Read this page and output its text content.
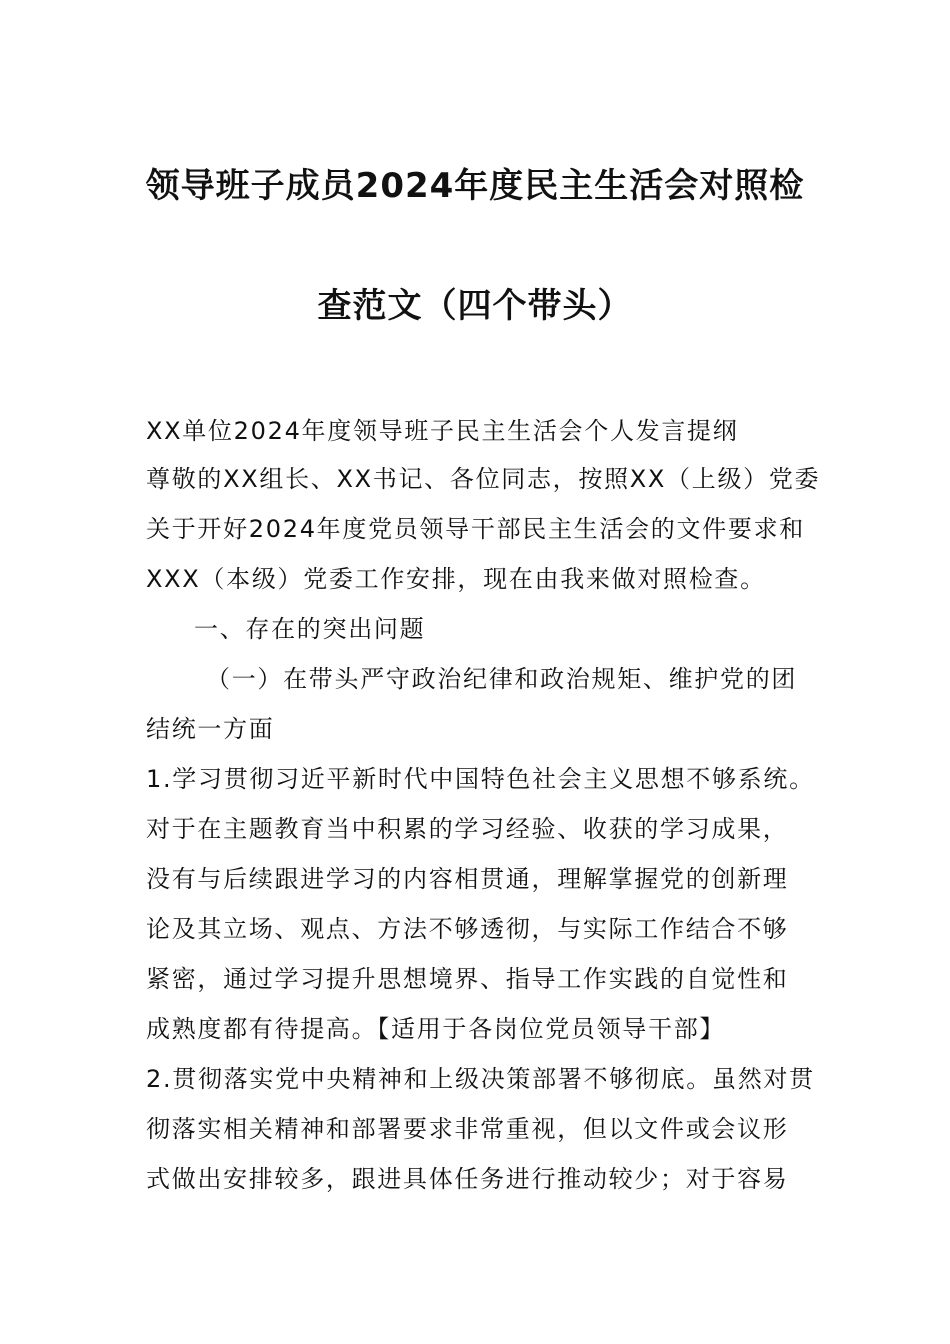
领导班子成员2024年度民主生活会对照检
查范文（四个带头）
XX单位2024年度领导班子民主生活会个人发言提纲
尊敬的XX组长、XX书记、各位同志，按照XX（上级）党委
关于开好2024年度党员领导干部民主生活会的文件要求和
XXX（本级）党委工作安排，现在由我来做对照检查。
一、存在的突出问题
（一）在带头严守政治纪律和政治规矩、维护党的团
结统一方面
1.学习贯彻习近平新时代中国特色社会主义思想不够系统。
对于在主题教育当中积累的学习经验、收获的学习成果，
没有与后续跟进学习的内容相贯通，理解掌握党的创新理
论及其立场、观点、方法不够透彻，与实际工作结合不够
紧密，通过学习提升思想境界、指导工作实践的自觉性和
成熟度都有待提高。【适用于各岗位党员领导干部】
2.贯彻落实党中央精神和上级决策部署不够彻底。虽然对贯
彻落实相关精神和部署要求非常重视，但以文件或会议形
式做出安排较多，跟进具体任务进行推动较少；对于容易
